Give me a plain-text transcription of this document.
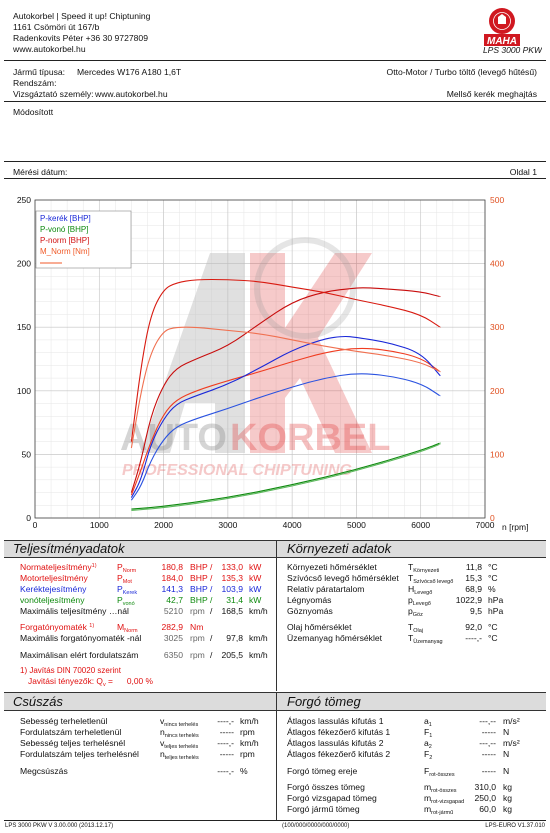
Autokorbel | Speed it up! Chiptuning
1161 Csömöri út 167/b
Radenkovits Péter +36 30 9727809
www.autokorbel.hu
MAHA
LPS 3000 PKW
Jármű típusa: Mercedes W176 A180 1,6T	Otto-Motor / Turbo töltő (levegő hűtésű)
Rendszám:
Vizsgáztató személy: www.autokorbel.hu	Mellső kerék meghajtás
Módosított
Mérési dátum:	Oldal 1
AUTO KORBEL
PROFESSIONAL CHIPTUNING
0	1000	2000	3000	4000	5000	6000	7000
0
50
100
150
200
250
0
100
200
300
400
500
P-kerék [BHP]
P-vonó [BHP]
P-norm [BHP]
M_Norm [Nm]
n [rpm]
Teljesítményadatok	Környezeti adatok
Normateljesítmény$^{1)}$ $P_{Norm}$	180,8 BHP /	133,0 kW
Motorteljesítmény	$P_{Mot}$	184,0 BHP /	135,3 kW
Keréktejesítmény	$P_{Kerek}$	141,3 BHP /	103,9 kW
vonóteljesítmény	$P_{vonó}$	42,7 BHP /	31,4 kW
Maximális teljesítmény …nál	5210 rpm /	168,5 km/h
Forgatónyomaték $^{1)}$	$M_{Norm}$	282,9 Nm
Maximális forgatónyomaték -nál	3025 rpm /	97,8 km/h
Maximálisan elért fordulatszám	6350 rpm /	205,5 km/h
1) Javítás DIN 70020 szerint
Javitási tényezők: $Q_v$ =      0,00 %
Környezeti hőmérséklet	$T_{Környezeti}$	11,8 °C
Szívócső levegő hőmérséklet $T_{Szívócső levegő}$	15,3 °C
Relatív páratartalom	$H_{Levegő}$	68,9 %
Légnyomás	$p_{Levegő}$	1022,9 hPa
Göznyomás	$p_{Göz}$	9,5 hPa
Olaj hőmérséklet	$T_{Olaj}$	92,0 °C
Üzemanyag hőmérséklet	$T_{Üzemanyag}$	----,- °C
Csúszás	Forgó tömeg
Sebesség terheletlenül	$v_{nincs terhelés}$	----,- km/h
Fordulatszám terheletlenül	$n_{nincs terhelés}$	----- rpm
Sebesség teljes terhelésnél	$v_{teljes terhelés}$	----,- km/h
Fordulatszám teljes terhelésnél $n_{teljes terhelés}$	----- rpm
Megcsúszás	----,- %
Átlagos lassulás kifutás 1	$a_1$	---,-- m/s²
Átlagos fékezőerő kifutás 1	$F_1$	----- N
Átlagos lassulás kifutás 2	$a_2$	---,-- m/s²
Átlagos fékezőerő kifutás 2	$F_2$	----- N
Forgó tömeg ereje	$F_{rot-összes}$	----- N
Forgó összes tömeg	$m_{rot-összes}$	310,0 kg
Forgó vizsgapad tömeg	$m_{rot-vizsgapad}$	250,0 kg
Forgó jármű tömeg	$m_{rot-jármű}$	60,0 kg
LPS 3000 PKW V 3.00.000 (2013.12.17)	(100/000/0000/000/0000)	LPS-EURO V1.37.010
